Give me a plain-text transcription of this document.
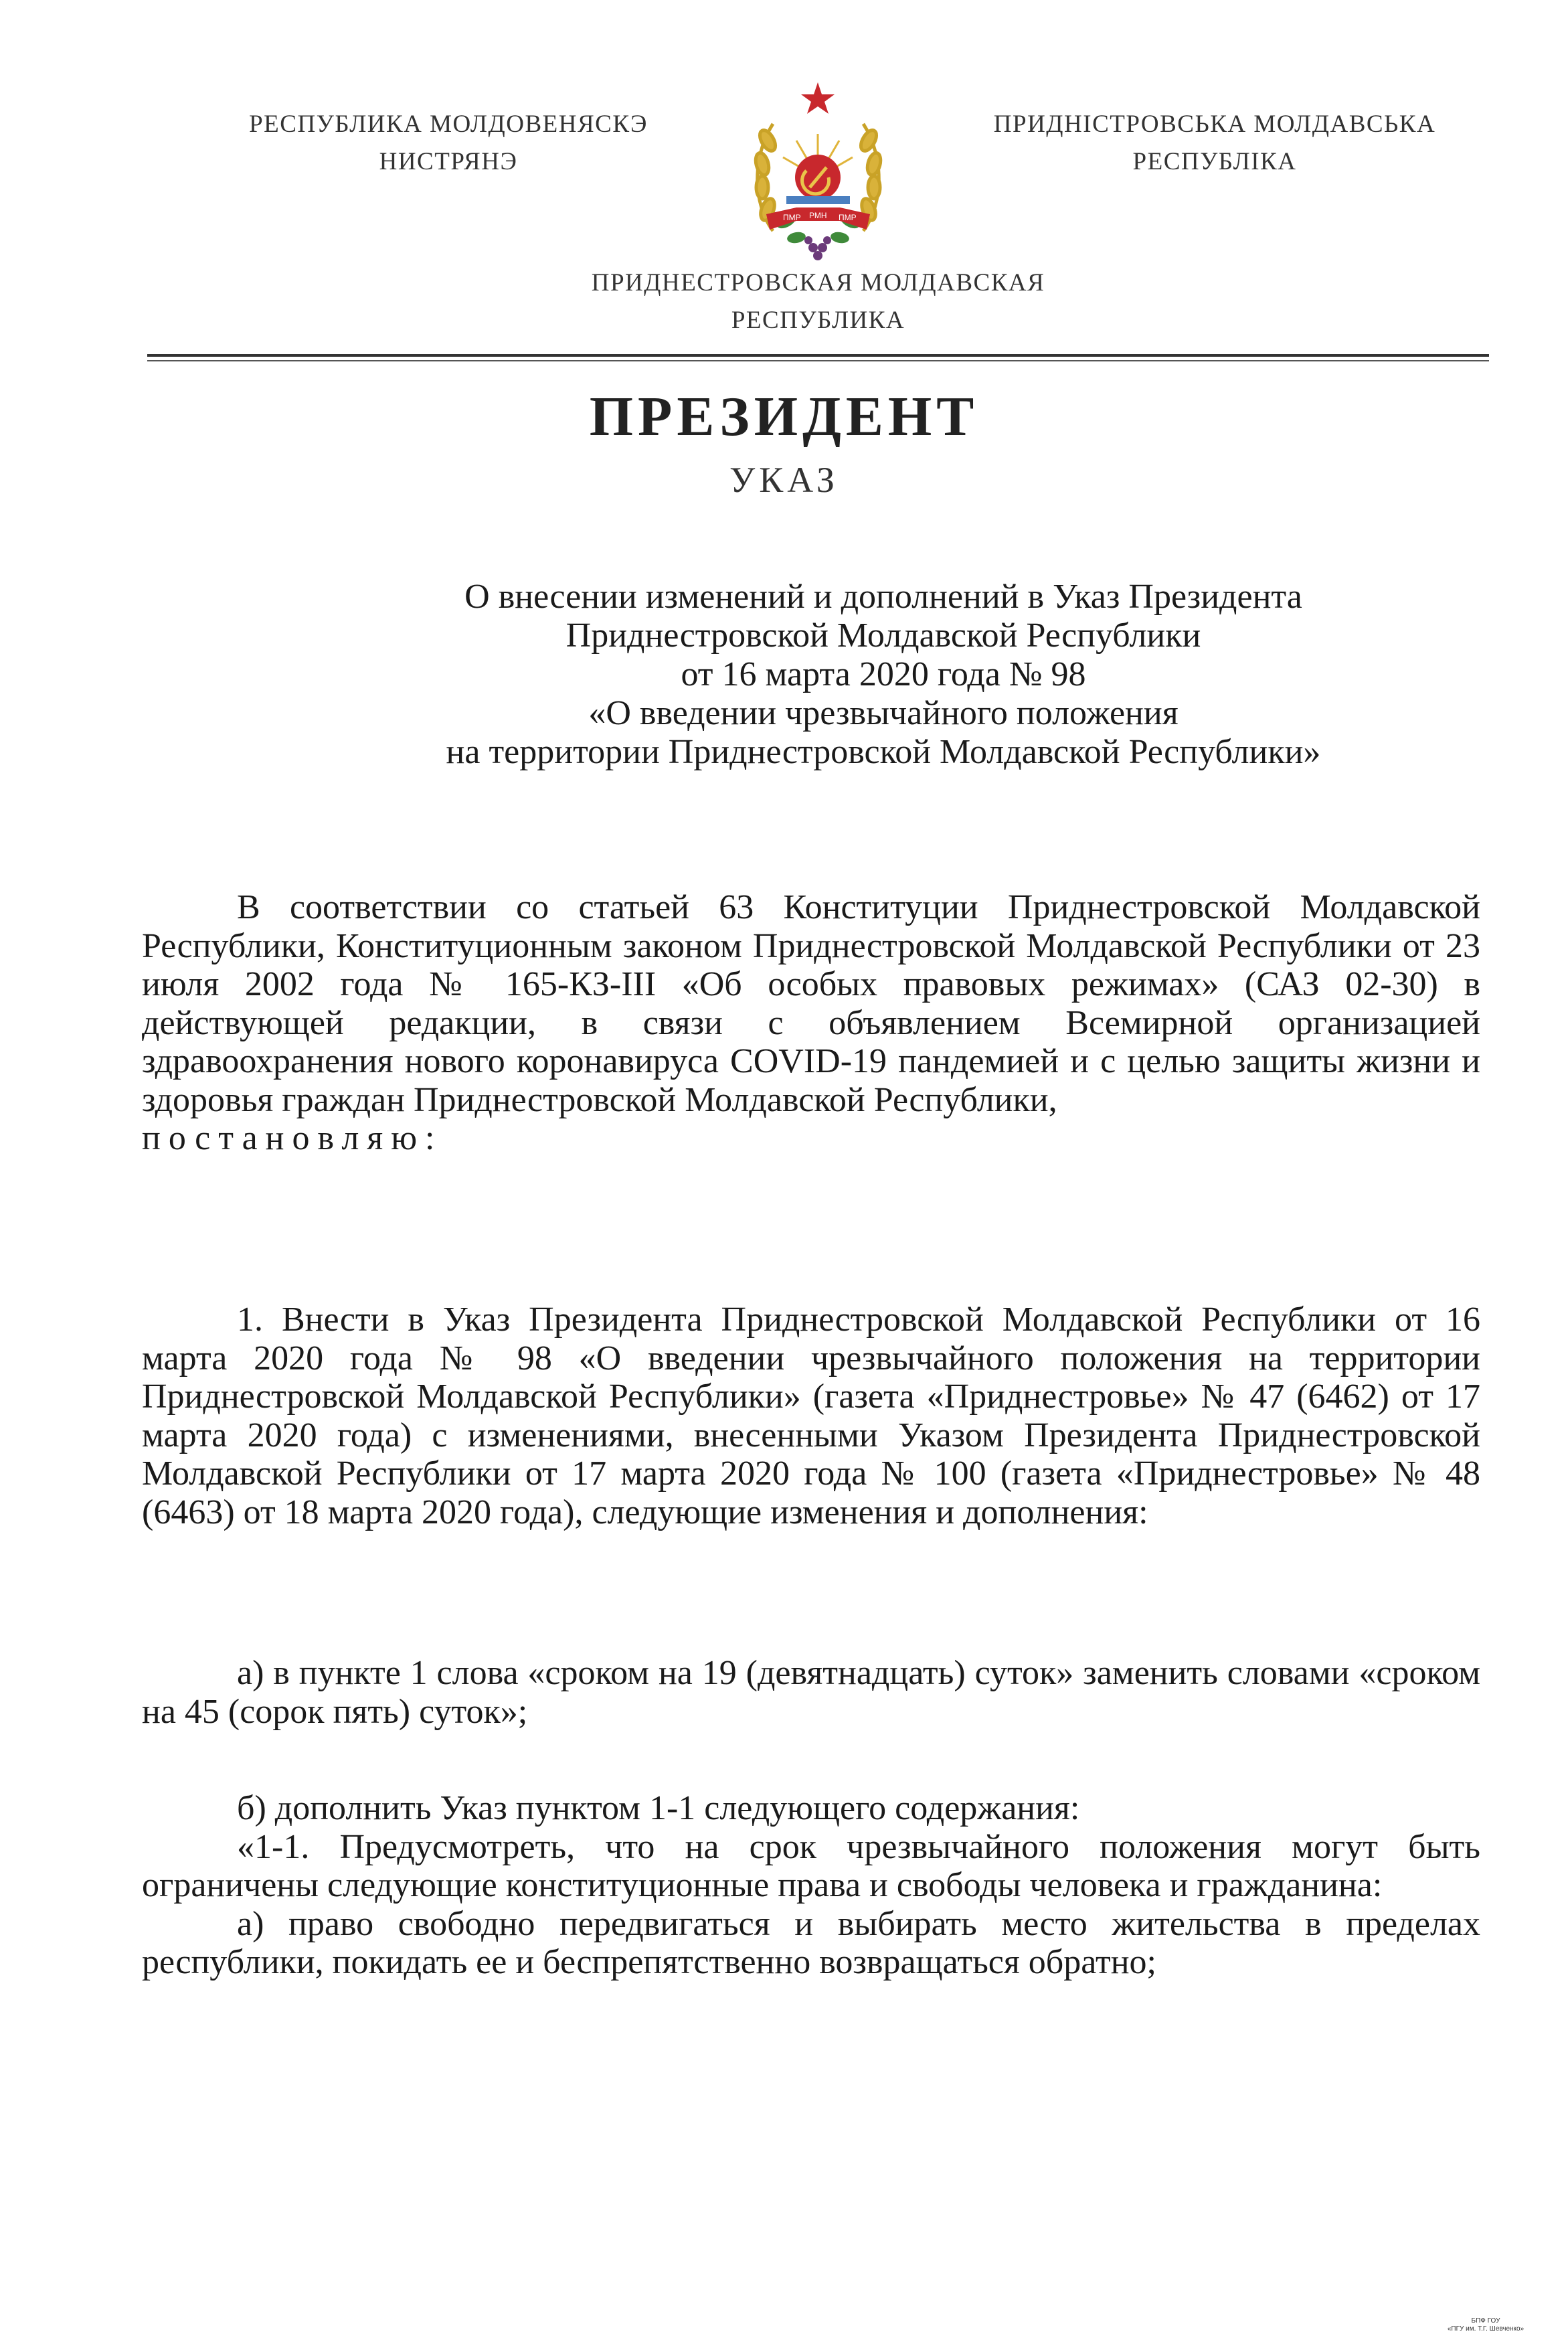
РЕСПУБЛИКА МОЛДОВЕНЯСКЭ
НИСТРЯНЭ
ПМР РМН ПМР
ПРИДНІСТРОВСЬКА МОЛДАВСЬКА
РЕСПУБЛІКА
ПРИДНЕСТРОВСКАЯ МОЛДАВСКАЯ
РЕСПУБЛИКА
ПРЕЗИДЕНТ
УКАЗ
О внесении изменений и дополнений в Указ Президента
Приднестровской Молдавской Республики
от 16 марта 2020 года № 98
«О введении чрезвычайного положения
на территории Приднестровской Молдавской Республики»

В соответствии со статьей 63 Конституции Приднестровской Молдавской Республики, Конституционным законом Приднестровской Молдавской Республики от 23 июля 2002 года № 165-КЗ-III «Об особых правовых режимах» (САЗ 02-30) в действующей редакции, в связи с объявлением Всемирной организацией здравоохранения нового коронавируса COVID-19 пандемией и с целью защиты жизни и здоровья граждан Приднестровской Молдавской Республики,

постановляю:

1. Внести в Указ Президента Приднестровской Молдавской Республики от 16 марта 2020 года № 98 «О введении чрезвычайного положения на территории Приднестровской Молдавской Республики» (газета «Приднестровье» № 47 (6462) от 17 марта 2020 года) с изменениями, внесенными Указом Президента Приднестровской Молдавской Республики от 17 марта 2020 года № 100 (газета «Приднестровье» № 48 (6463) от 18 марта 2020 года), следующие изменения и дополнения:

а) в пункте 1 слова «сроком на 19 (девятнадцать) суток» заменить словами «сроком на 45 (сорок пять) суток»;

б) дополнить Указ пунктом 1-1 следующего содержания:

«1-1. Предусмотреть, что на срок чрезвычайного положения могут быть ограничены следующие конституционные права и свободы человека и гражданина:

а) право свободно передвигаться и выбирать место жительства в пределах республики, покидать ее и беспрепятственно возвращаться обратно;

БПФ ГОУ
«ПГУ им. Т.Г. Шевченко»
